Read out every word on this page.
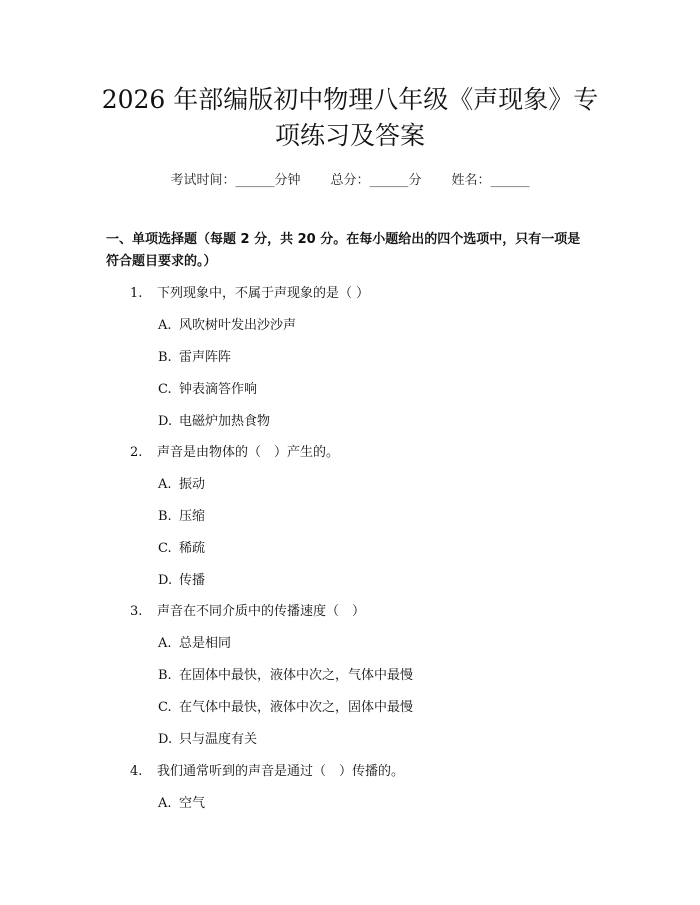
2026 年部编版初中物理八年级《声现象》专
项练习及答案
考试时间：______分钟 总分：______分 姓名：______
一、单项选择题（每题 2 分，共 20 分。在每小题给出的四个选项中，只有一项是
符合题目要求的。）
1. 下列现象中，不属于声现象的是（ ）
A. 风吹树叶发出沙沙声
B. 雷声阵阵
C. 钟表滴答作响
D. 电磁炉加热食物
2. 声音是由物体的（　）产生的。
A. 振动
B. 压缩
C. 稀疏
D. 传播
3. 声音在不同介质中的传播速度（　）
A. 总是相同
B. 在固体中最快，液体中次之，气体中最慢
C. 在气体中最快，液体中次之，固体中最慢
D. 只与温度有关
4. 我们通常听到的声音是通过（　）传播的。
A. 空气
